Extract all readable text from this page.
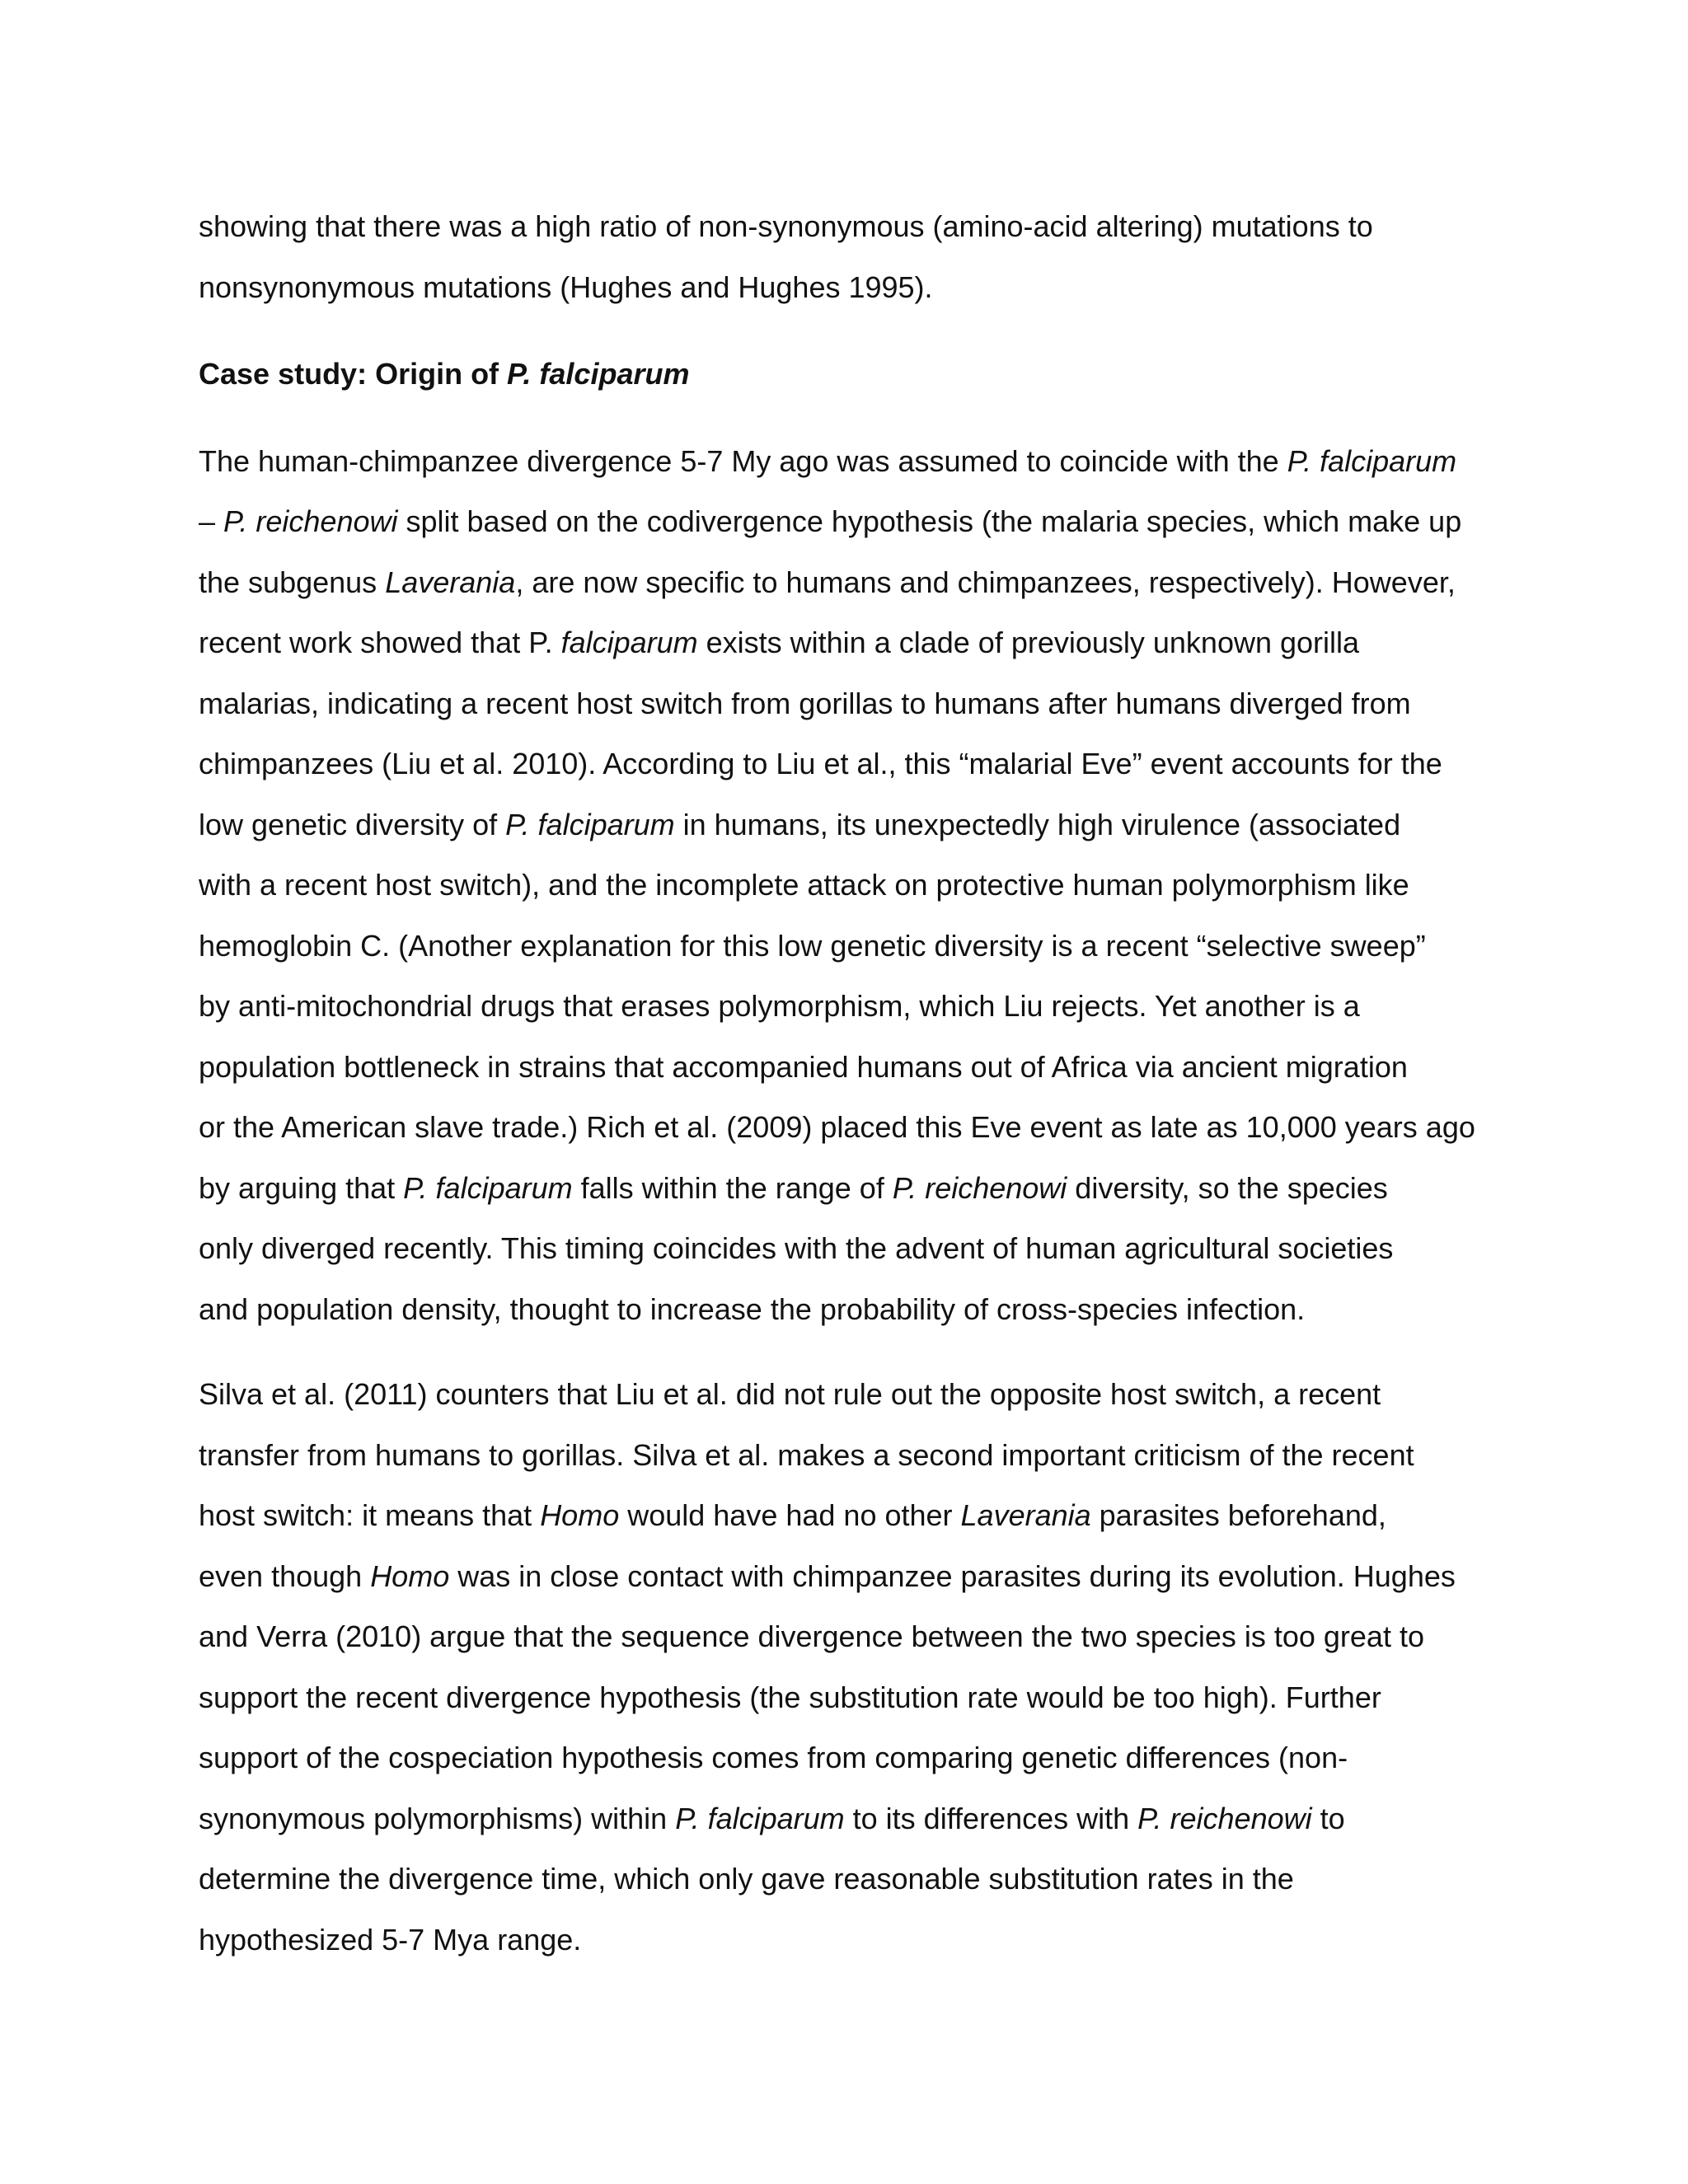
showing that there was a high ratio of non-synonymous (amino-acid altering) mutations to
nonsynonymous mutations (Hughes and Hughes 1995).

Case study: Origin of P. falciparum

The human-chimpanzee divergence 5-7 My ago was assumed to coincide with the P. falciparum
– P. reichenowi split based on the codivergence hypothesis (the malaria species, which make up
the subgenus Laverania, are now specific to humans and chimpanzees, respectively). However,
recent work showed that P. falciparum exists within a clade of previously unknown gorilla
malarias, indicating a recent host switch from gorillas to humans after humans diverged from
chimpanzees (Liu et al. 2010). According to Liu et al., this “malarial Eve” event accounts for the
low genetic diversity of P. falciparum in humans, its unexpectedly high virulence (associated
with a recent host switch), and the incomplete attack on protective human polymorphism like
hemoglobin C. (Another explanation for this low genetic diversity is a recent “selective sweep”
by anti-mitochondrial drugs that erases polymorphism, which Liu rejects. Yet another is a
population bottleneck in strains that accompanied humans out of Africa via ancient migration
or the American slave trade.) Rich et al. (2009) placed this Eve event as late as 10,000 years ago
by arguing that P. falciparum falls within the range of P. reichenowi diversity, so the species
only diverged recently. This timing coincides with the advent of human agricultural societies
and population density, thought to increase the probability of cross-species infection.

Silva et al. (2011) counters that Liu et al. did not rule out the opposite host switch, a recent
transfer from humans to gorillas. Silva et al. makes a second important criticism of the recent
host switch: it means that Homo would have had no other Laverania parasites beforehand,
even though Homo was in close contact with chimpanzee parasites during its evolution. Hughes
and Verra (2010) argue that the sequence divergence between the two species is too great to
support the recent divergence hypothesis (the substitution rate would be too high). Further
support of the cospeciation hypothesis comes from comparing genetic differences (non-
synonymous polymorphisms) within P. falciparum to its differences with P. reichenowi to
determine the divergence time, which only gave reasonable substitution rates in the
hypothesized 5-7 Mya range.
